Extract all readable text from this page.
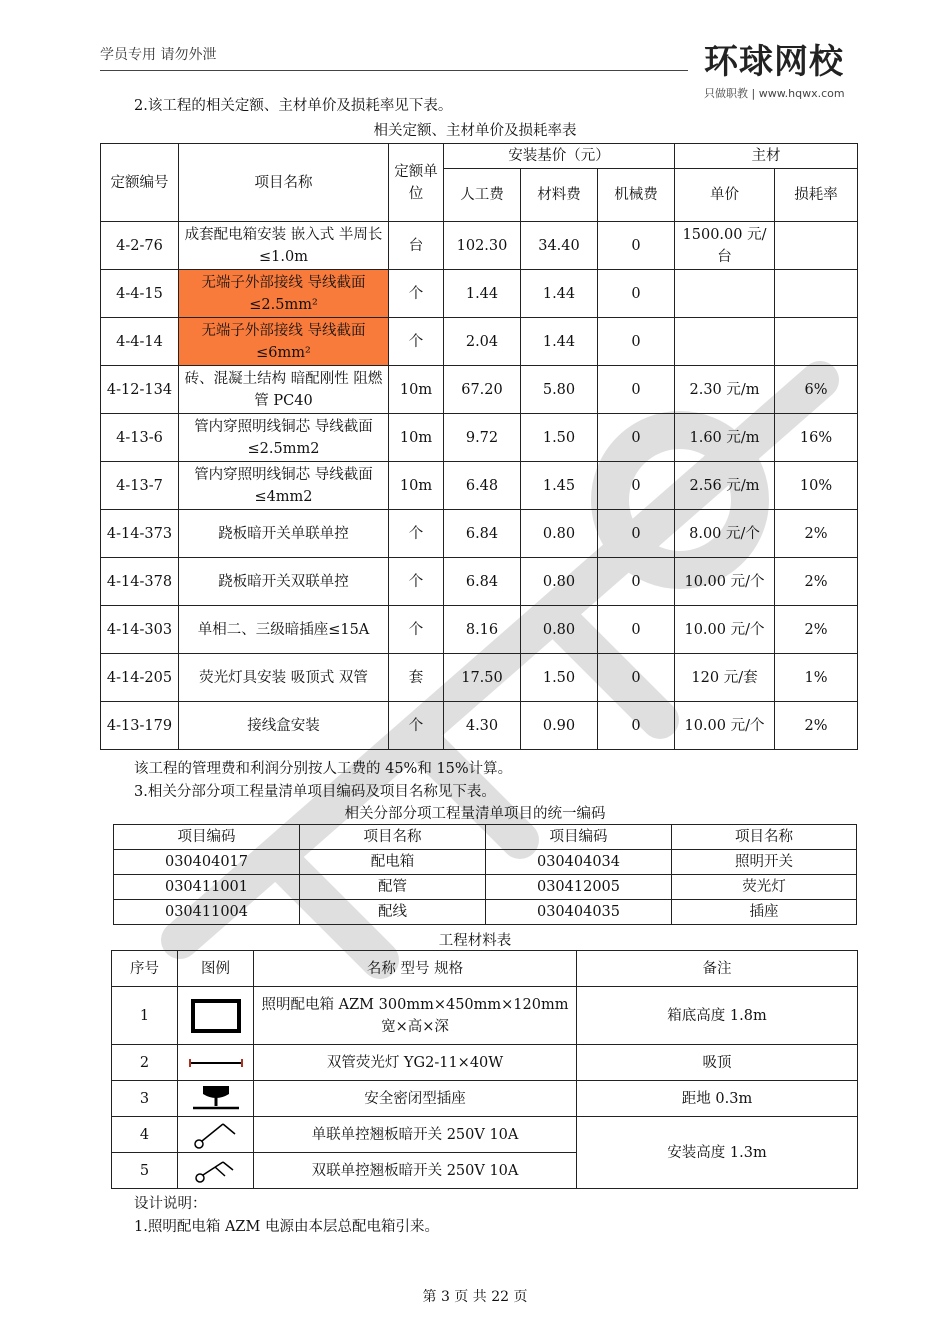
学员专用 请勿外泄	环球网校
只做职教 | www.hqwx.com
2.该工程的相关定额、主材单价及损耗率见下表。
相关定额、主材单价及损耗率表
定额编号	项目名称	定额单位	安装基价（元）			主材	
			人工费	材料费	机械费	单价	损耗率
4-2-76	成套配电箱安装 嵌入式 半周长≤1.0m	台	102.30	34.40	0	1500.00 元/台	
4-4-15	无端子外部接线 导线截面≤2.5mm²	个	1.44	1.44	0		
4-4-14	无端子外部接线 导线截面≤6mm²	个	2.04	1.44	0		
4-12-134	砖、混凝土结构 暗配刚性 阻燃管 PC40	10m	67.20	5.80	0	2.30 元/m	6%
4-13-6	管内穿照明线铜芯 导线截面≤2.5mm2	10m	9.72	1.50	0	1.60 元/m	16%
4-13-7	管内穿照明线铜芯 导线截面≤4mm2	10m	6.48	1.45	0	2.56 元/m	10%
4-14-373	跷板暗开关单联单控	个	6.84	0.80	0	8.00 元/个	2%
4-14-378	跷板暗开关双联单控	个	6.84	0.80	0	10.00 元/个	2%
4-14-303	单相二、三级暗插座≤15A	个	8.16	0.80	0	10.00 元/个	2%
4-14-205	荧光灯具安装 吸顶式 双管	套	17.50	1.50	0	120 元/套	1%
4-13-179	接线盒安装	个	4.30	0.90	0	10.00 元/个	2%
该工程的管理费和利润分别按人工费的 45%和 15%计算。
3.相关分部分项工程量清单项目编码及项目名称见下表。
相关分部分项工程量清单项目的统一编码
项目编码	项目名称	项目编码	项目名称
030404017	配电箱	030404034	照明开关
030411001	配管	030412005	荧光灯
030411004	配线	030404035	插座
工程材料表
序号	图例	名称 型号 规格	备注
1		照明配电箱 AZM 300mm×450mm×120mm 宽×高×深	箱底高度 1.8m
2		双管荧光灯 YG2-11×40W	吸顶
3		安全密闭型插座	距地 0.3m
4		单联单控翘板暗开关 250V 10A	安装高度 1.3m
5		双联单控翘板暗开关 250V 10A	
设计说明：
1.照明配电箱 AZM 电源由本层总配电箱引来。
第 3 页 共 22 页
